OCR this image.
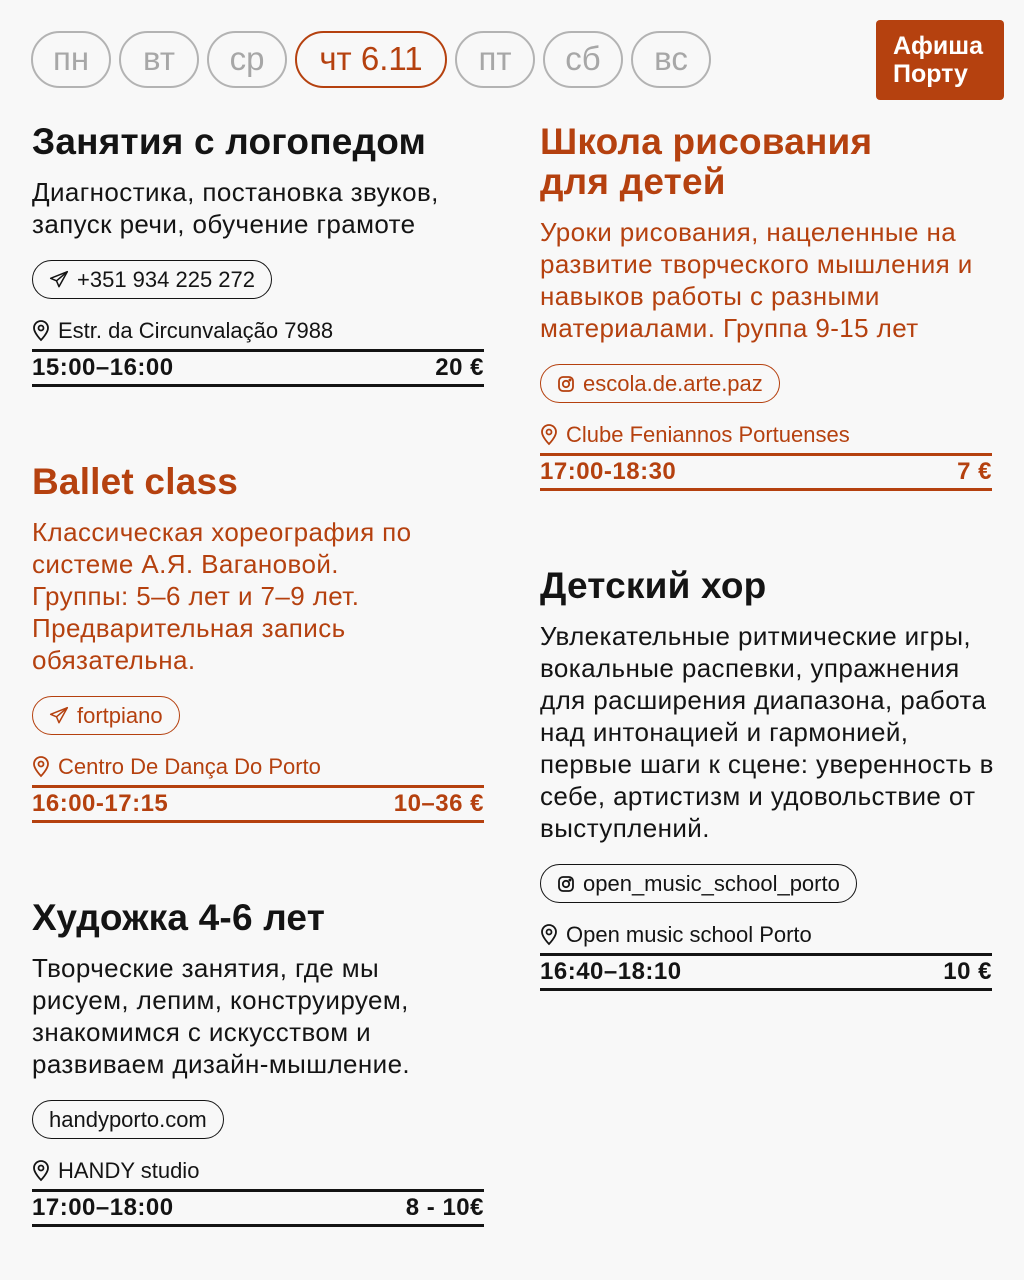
пн	вт	ср	чт 6.11	пт	сб	вс	Афиша
Порту
Занятия с логопедом
Диагностика, постановка звуков, запуск речи, обучение грамоте
+351 934 225 272
Estr. da Circunvalação 7988
15:00–16:00	20 €
Ballet class
Классическая хореография по системе А.Я. Вагановой. Группы: 5–6 лет и 7–9 лет. Предварительная запись обязательна.
fortpiano
Centro De Dança Do Porto
16:00-17:15	10–36 €
Художка 4-6 лет
Творческие занятия, где мы рисуем, лепим, конструируем, знакомимся с искусством и развиваем дизайн-мышление.
handyporto.com
HANDY studio
17:00–18:00	8 - 10€
Школа рисования для детей
Уроки рисования, нацеленные на развитие творческого мышления и навыков работы с разными материалами. Группа 9-15 лет
escola.de.arte.paz
Clube Feniannos Portuenses
17:00-18:30	7 €
Детский хор
Увлекательные ритмические игры, вокальные распевки, упражнения для расширения диапазона, работа над интонацией и гармонией, первые шаги к сцене: уверенность в себе, артистизм и удовольствие от выступлений.
open_music_school_porto
Open music school Porto
16:40–18:10	10 €
